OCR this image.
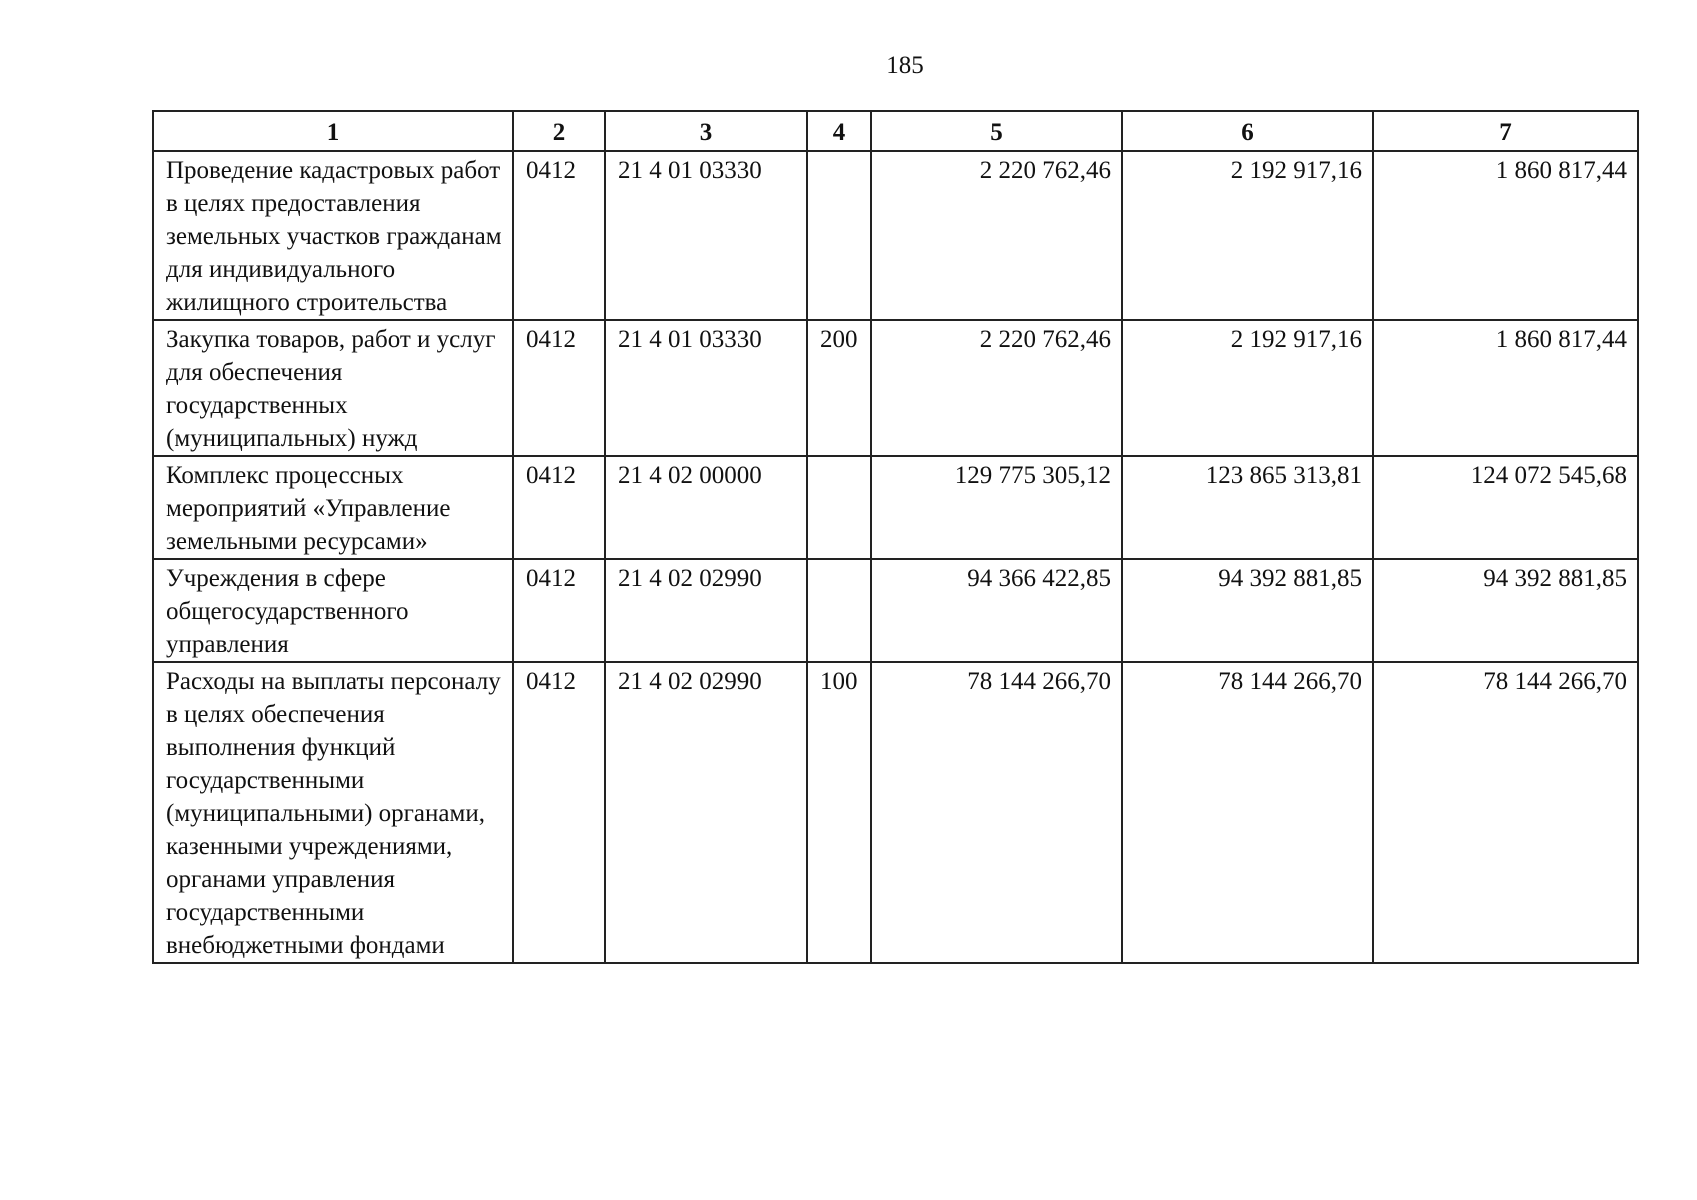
185
1	2	3	4	5	6	7
Проведение кадастровых работ в целях предоставления земельных участков гражданам для индивидуального жилищного строительства	0412	21 4 01 03330		2 220 762,46	2 192 917,16	1 860 817,44
Закупка товаров, работ и услуг для обеспечения государственных (муниципальных) нужд	0412	21 4 01 03330	200	2 220 762,46	2 192 917,16	1 860 817,44
Комплекс процессных мероприятий «Управление земельными ресурсами»	0412	21 4 02 00000		129 775 305,12	123 865 313,81	124 072 545,68
Учреждения в сфере общегосударственного управления	0412	21 4 02 02990		94 366 422,85	94 392 881,85	94 392 881,85
Расходы на выплаты персоналу в целях обеспечения выполнения функций государственными (муниципальными) органами, казенными учреждениями, органами управления государственными внебюджетными фондами	0412	21 4 02 02990	100	78 144 266,70	78 144 266,70	78 144 266,70
